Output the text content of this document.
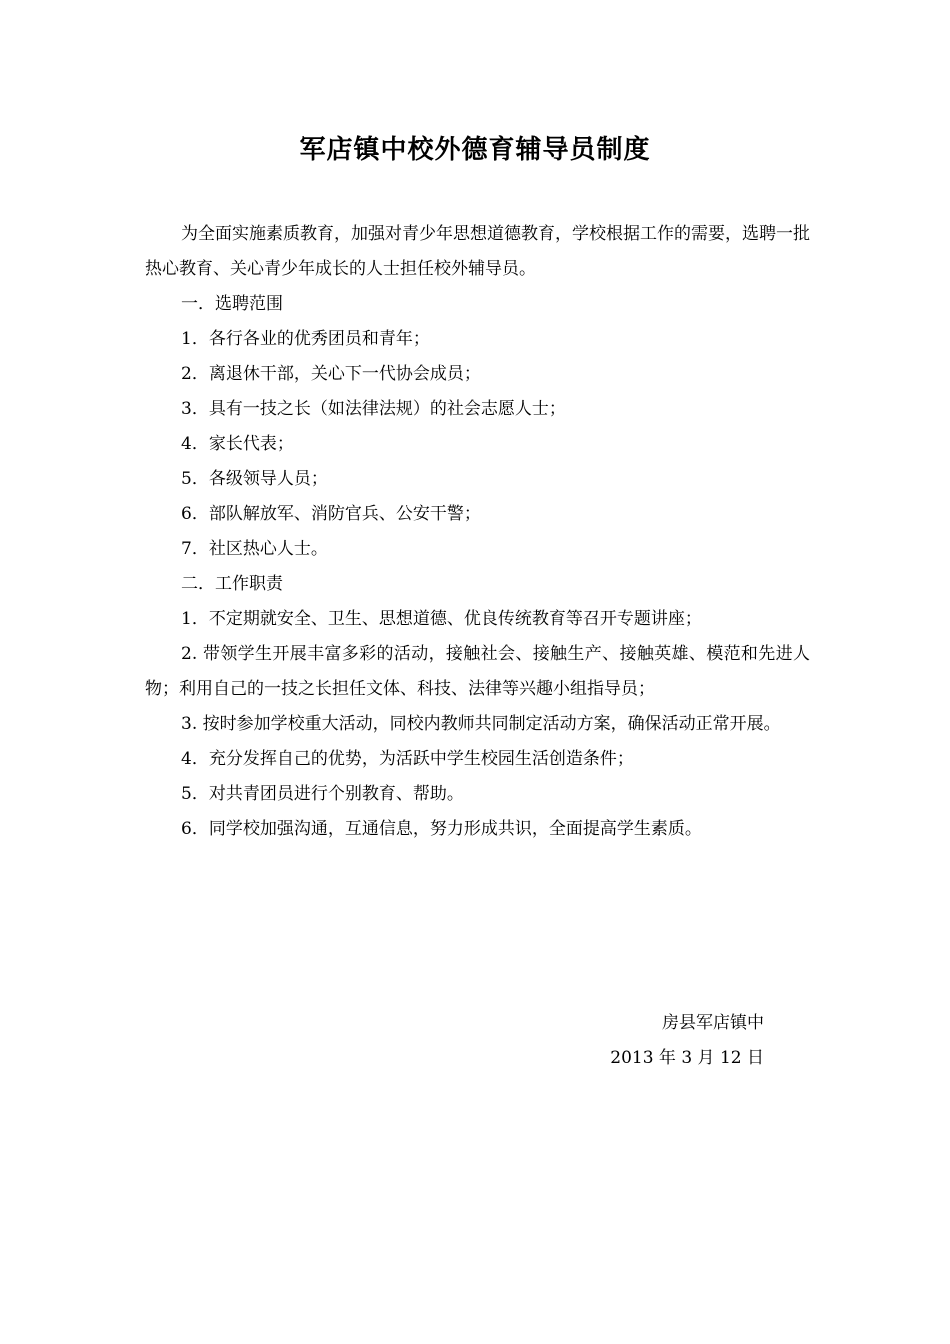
军店镇中校外德育辅导员制度

为全面实施素质教育，加强对青少年思想道德教育，学校根据工作的需要，选聘一批热心教育、关心青少年成长的人士担任校外辅导员。

一．选聘范围

1．各行各业的优秀团员和青年；

2．离退休干部，关心下一代协会成员；

3．具有一技之长（如法律法规）的社会志愿人士；

4．家长代表；

5．各级领导人员；

6．部队解放军、消防官兵、公安干警；

7．社区热心人士。

二．工作职责

1．不定期就安全、卫生、思想道德、优良传统教育等召开专题讲座；

2. 带领学生开展丰富多彩的活动，接触社会、接触生产、接触英雄、模范和先进人物；利用自己的一技之长担任文体、科技、法律等兴趣小组指导员；

3. 按时参加学校重大活动，同校内教师共同制定活动方案，确保活动正常开展。

4．充分发挥自己的优势，为活跃中学生校园生活创造条件；

5．对共青团员进行个别教育、帮助。

6．同学校加强沟通，互通信息，努力形成共识，全面提高学生素质。

房县军店镇中
2013 年 3 月 12 日
